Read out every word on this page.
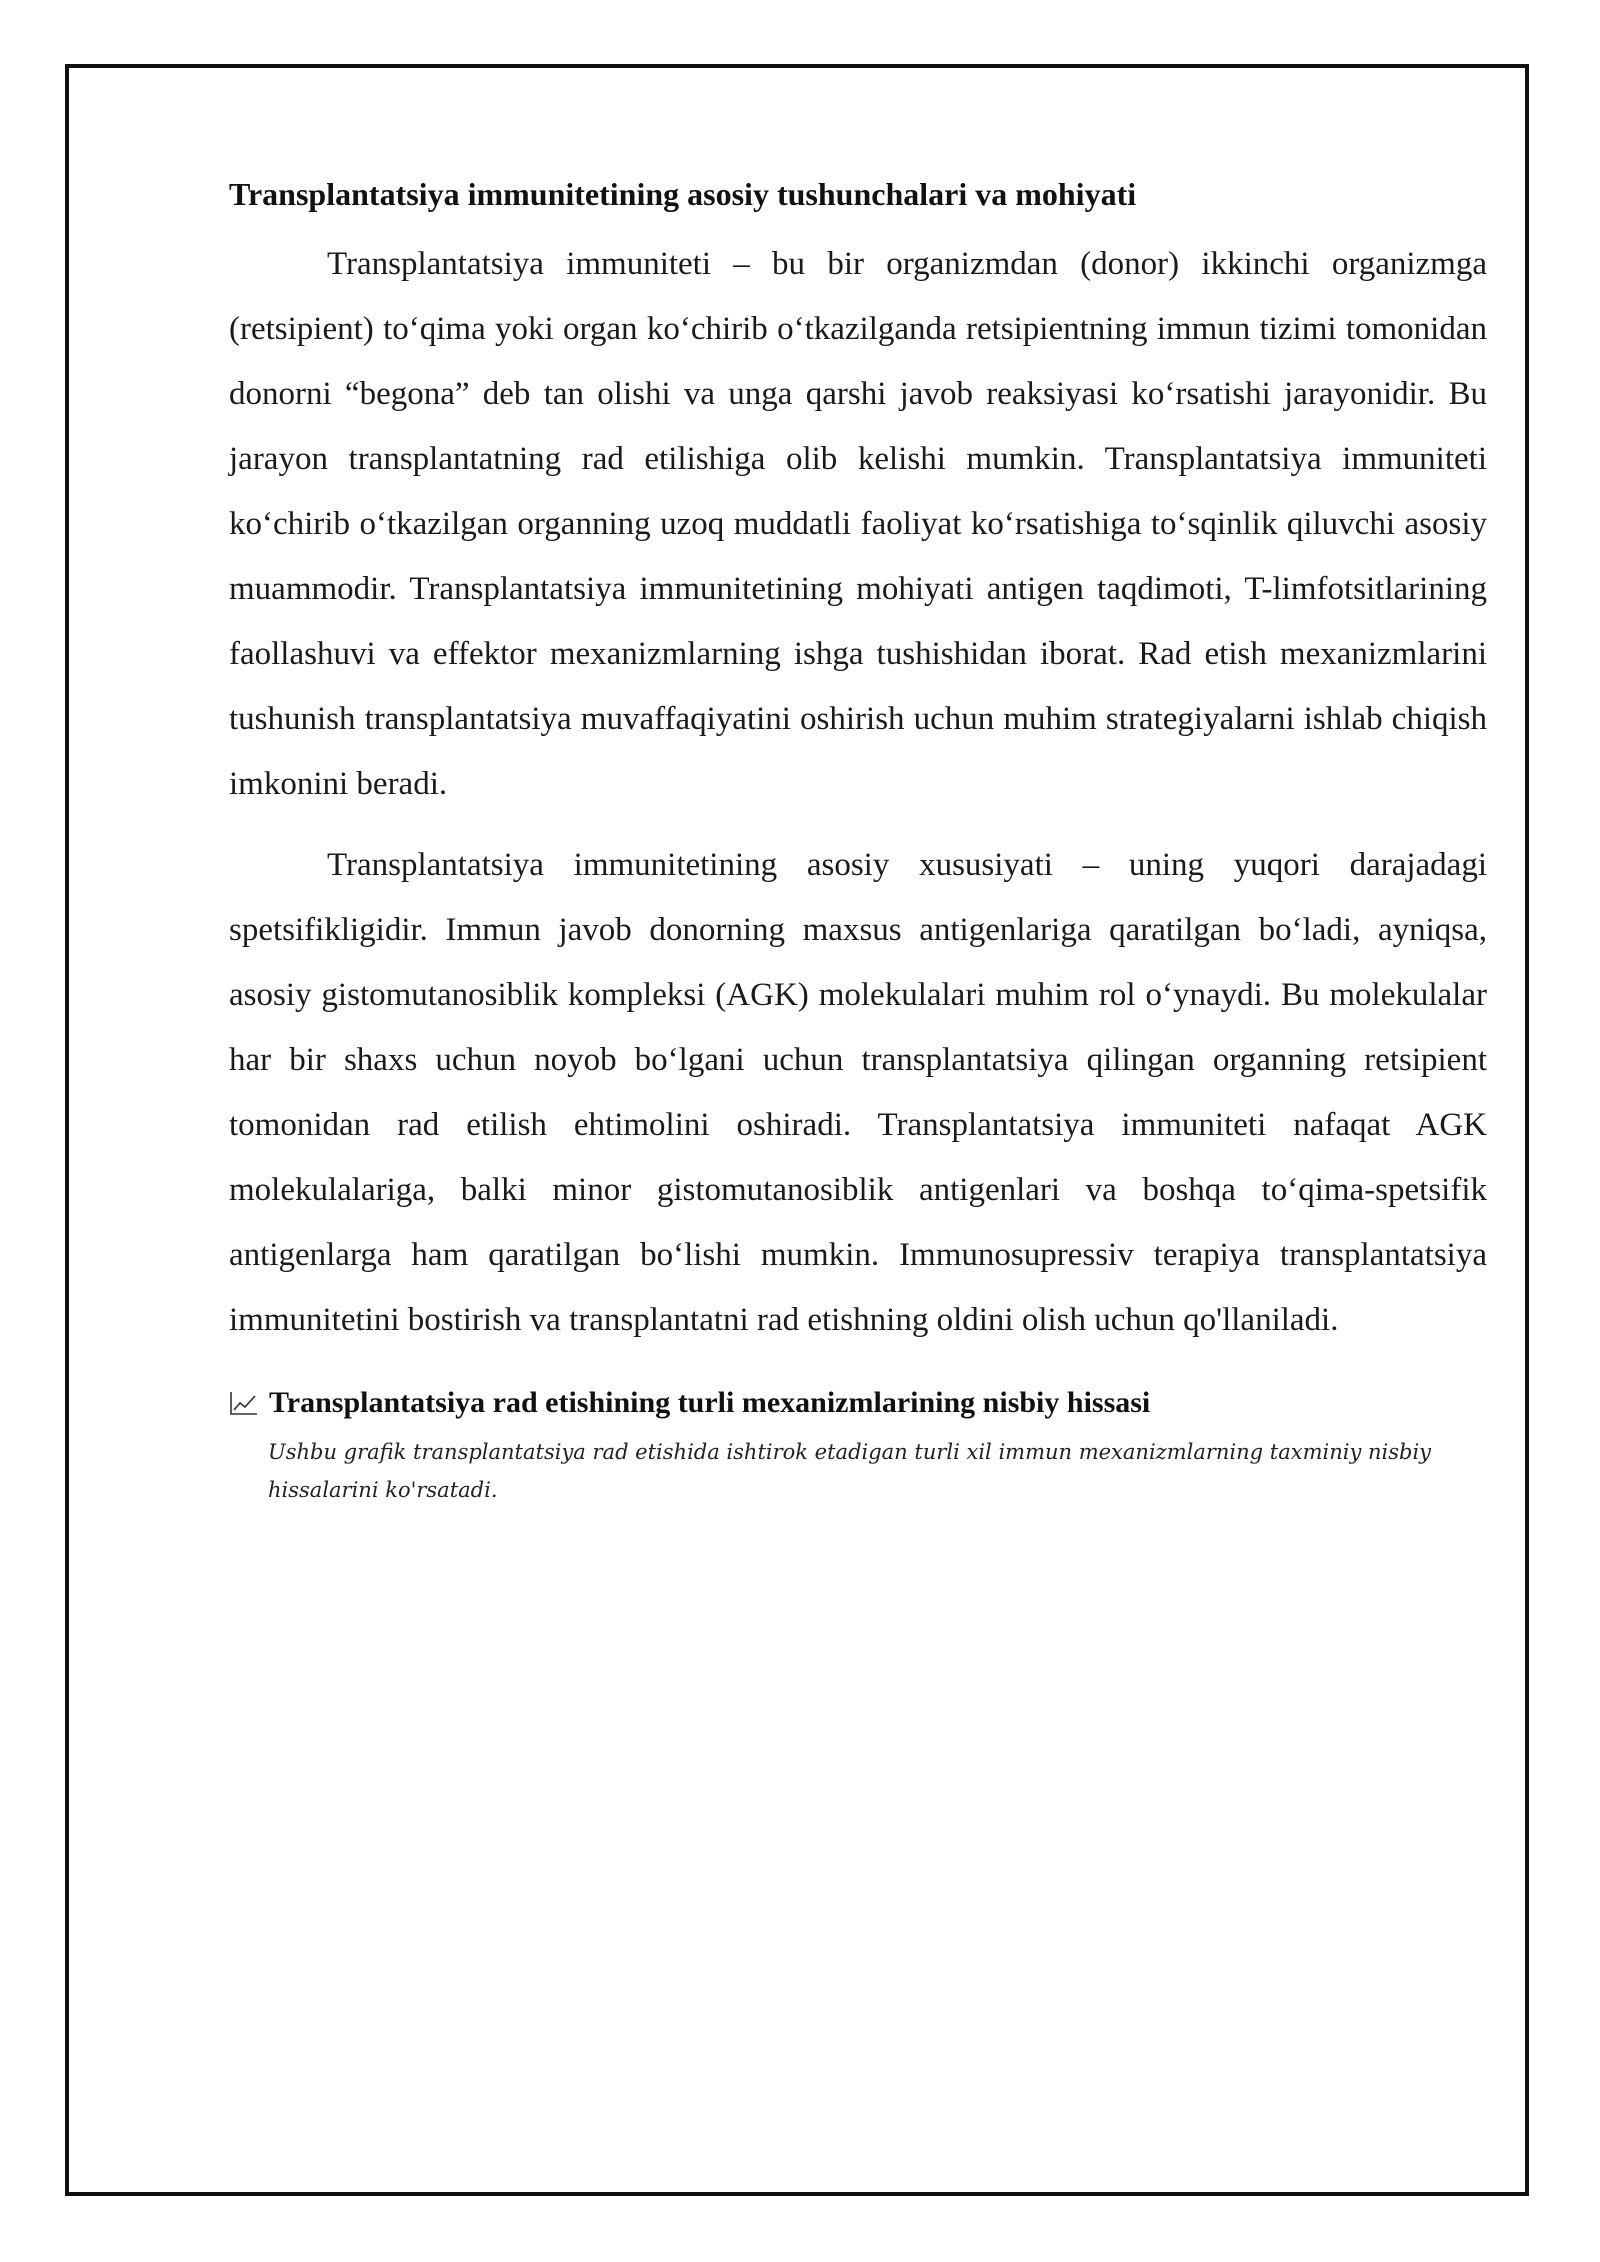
Transplantatsiya immunitetining asosiy tushunchalari va mohiyati

Transplantatsiya immuniteti – bu bir organizmdan (donor) ikkinchi organizmga (retsipient) to‘qima yoki organ ko‘chirib o‘tkazilganda retsipientning immun tizimi tomonidan donorni “begona” deb tan olishi va unga qarshi javob reaksiyasi ko‘rsatishi jarayonidir. Bu jarayon transplantatning rad etilishiga olib kelishi mumkin. Transplantatsiya immuniteti ko‘chirib o‘tkazilgan organning uzoq muddatli faoliyat ko‘rsatishiga to‘sqinlik qiluvchi asosiy muammodir. Transplantatsiya immunitetining mohiyati antigen taqdimoti, T-limfotsitlarining faollashuvi va effektor mexanizmlarning ishga tushishidan iborat. Rad etish mexanizmlarini tushunish transplantatsiya muvaffaqiyatini oshirish uchun muhim strategiyalarni ishlab chiqish imkonini beradi.

Transplantatsiya immunitetining asosiy xususiyati – uning yuqori darajadagi spetsifikligidir. Immun javob donorning maxsus antigenlariga qaratilgan bo‘ladi, ayniqsa, asosiy gistomutanosiblik kompleksi (AGK) molekulalari muhim rol o‘ynaydi. Bu molekulalar har bir shaxs uchun noyob bo‘lgani uchun transplantatsiya qilingan organning retsipient tomonidan rad etilish ehtimolini oshiradi. Transplantatsiya immuniteti nafaqat AGK molekulalariga, balki minor gistomutanosiblik antigenlari va boshqa to‘qima-spetsifik antigenlarga ham qaratilgan bo‘lishi mumkin. Immunosupressiv terapiya transplantatsiya immunitetini bostirish va transplantatni rad etishning oldini olish uchun qo'llaniladi.

Transplantatsiya rad etishining turli mexanizmlarining nisbiy hissasi
Ushbu grafik transplantatsiya rad etishida ishtirok etadigan turli xil immun mexanizmlarning taxminiy nisbiy hissalarini ko'rsatadi.
